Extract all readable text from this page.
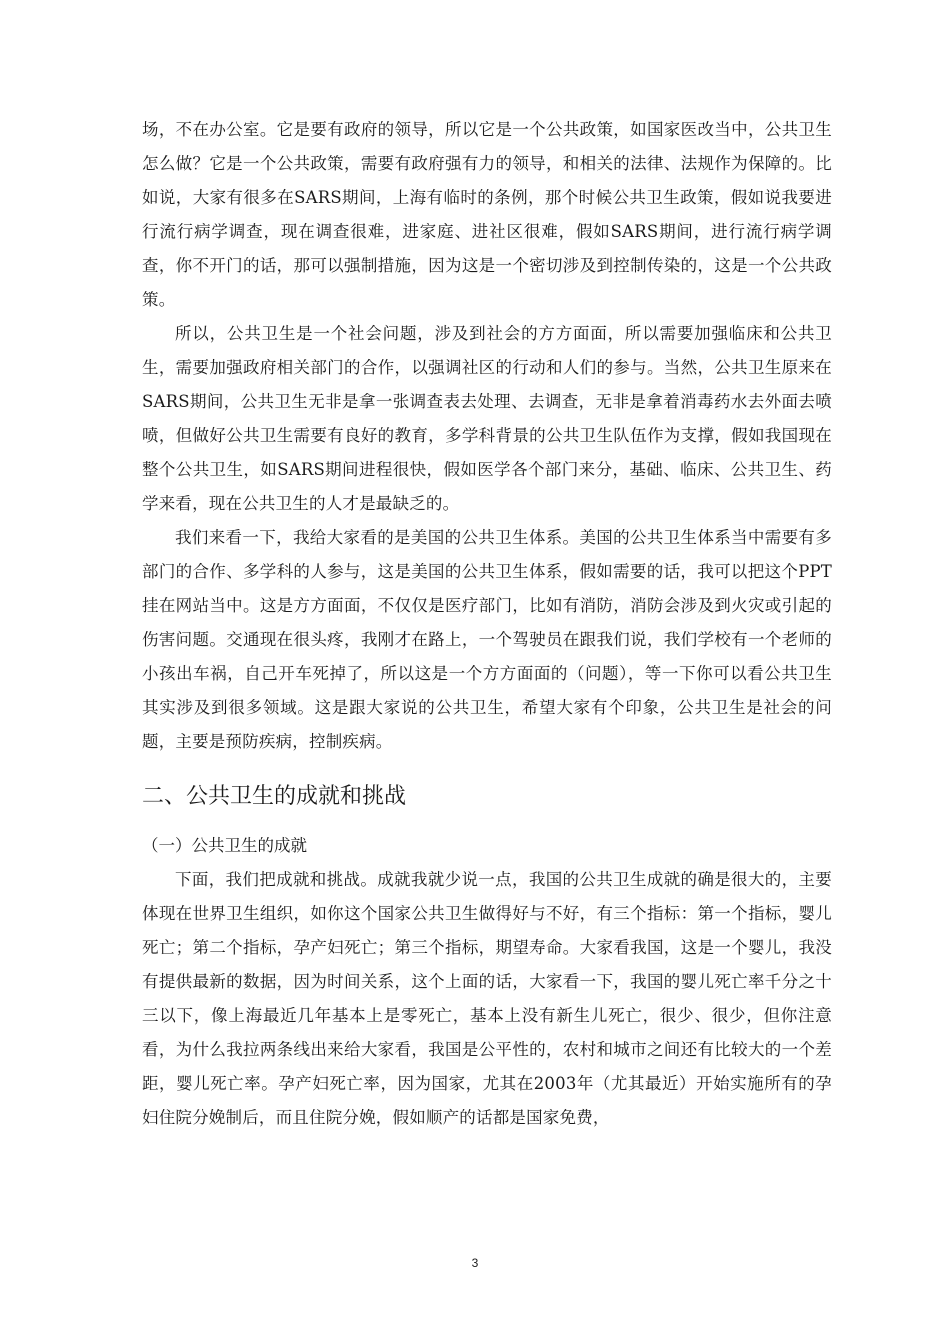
场，不在办公室。它是要有政府的领导，所以它是一个公共政策，如国家医改当中，公共卫生怎么做？它是一个公共政策，需要有政府强有力的领导，和相关的法律、法规作为保障的。比如说，大家有很多在SARS期间，上海有临时的条例，那个时候公共卫生政策，假如说我要进行流行病学调查，现在调查很难，进家庭、进社区很难，假如SARS期间，进行流行病学调查，你不开门的话，那可以强制措施，因为这是一个密切涉及到控制传染的，这是一个公共政策。

所以，公共卫生是一个社会问题，涉及到社会的方方面面，所以需要加强临床和公共卫生，需要加强政府相关部门的合作，以强调社区的行动和人们的参与。当然，公共卫生原来在SARS期间，公共卫生无非是拿一张调查表去处理、去调查，无非是拿着消毒药水去外面去喷喷，但做好公共卫生需要有良好的教育，多学科背景的公共卫生队伍作为支撑，假如我国现在整个公共卫生，如SARS期间进程很快，假如医学各个部门来分，基础、临床、公共卫生、药学来看，现在公共卫生的人才是最缺乏的。

我们来看一下，我给大家看的是美国的公共卫生体系。美国的公共卫生体系当中需要有多部门的合作、多学科的人参与，这是美国的公共卫生体系，假如需要的话，我可以把这个PPT挂在网站当中。这是方方面面，不仅仅是医疗部门，比如有消防，消防会涉及到火灾或引起的伤害问题。交通现在很头疼，我刚才在路上，一个驾驶员在跟我们说，我们学校有一个老师的小孩出车祸，自己开车死掉了，所以这是一个方方面面的（问题），等一下你可以看公共卫生其实涉及到很多领域。这是跟大家说的公共卫生，希望大家有个印象，公共卫生是社会的问题，主要是预防疾病，控制疾病。

二、公共卫生的成就和挑战
（一）公共卫生的成就

下面，我们把成就和挑战。成就我就少说一点，我国的公共卫生成就的确是很大的，主要体现在世界卫生组织，如你这个国家公共卫生做得好与不好，有三个指标：第一个指标，婴儿死亡；第二个指标，孕产妇死亡；第三个指标，期望寿命。大家看我国，这是一个婴儿，我没有提供最新的数据，因为时间关系，这个上面的话，大家看一下，我国的婴儿死亡率千分之十三以下，像上海最近几年基本上是零死亡，基本上没有新生儿死亡，很少、很少，但你注意看，为什么我拉两条线出来给大家看，我国是公平性的，农村和城市之间还有比较大的一个差距，婴儿死亡率。孕产妇死亡率，因为国家，尤其在2003年（尤其最近）开始实施所有的孕妇住院分娩制后，而且住院分娩，假如顺产的话都是国家免费，

3
